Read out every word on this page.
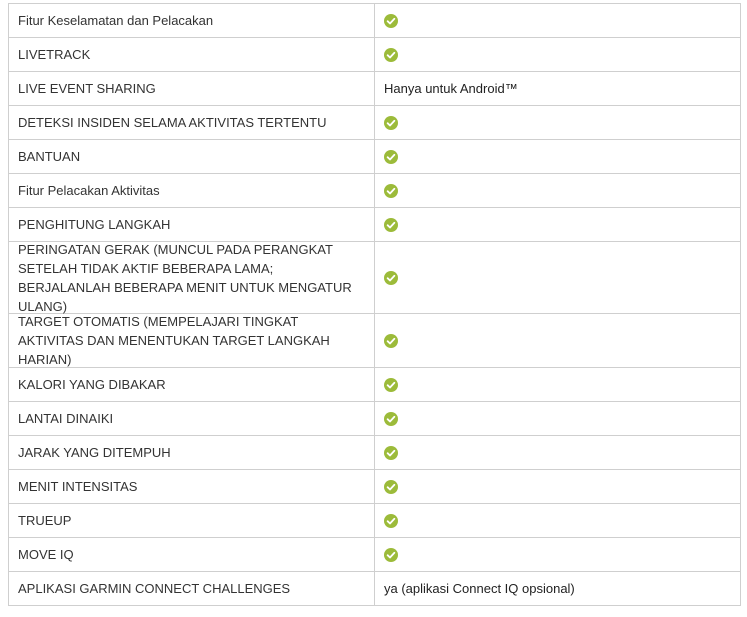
Fitur Keselamatan dan Pelacakan
LIVETRACK
LIVE EVENT SHARING	Hanya untuk Android™
DETEKSI INSIDEN SELAMA AKTIVITAS TERTENTU
BANTUAN
Fitur Pelacakan Aktivitas
PENGHITUNG LANGKAH
PERINGATAN GERAK (MUNCUL PADA PERANGKAT SETELAH TIDAK AKTIF BEBERAPA LAMA; BERJALANLAH BEBERAPA MENIT UNTUK MENGATUR ULANG)
TARGET OTOMATIS (MEMPELAJARI TINGKAT AKTIVITAS DAN MENENTUKAN TARGET LANGKAH HARIAN)
KALORI YANG DIBAKAR
LANTAI DINAIKI
JARAK YANG DITEMPUH
MENIT INTENSITAS
TRUEUP
MOVE IQ
APLIKASI GARMIN CONNECT CHALLENGES	ya (aplikasi Connect IQ opsional)
